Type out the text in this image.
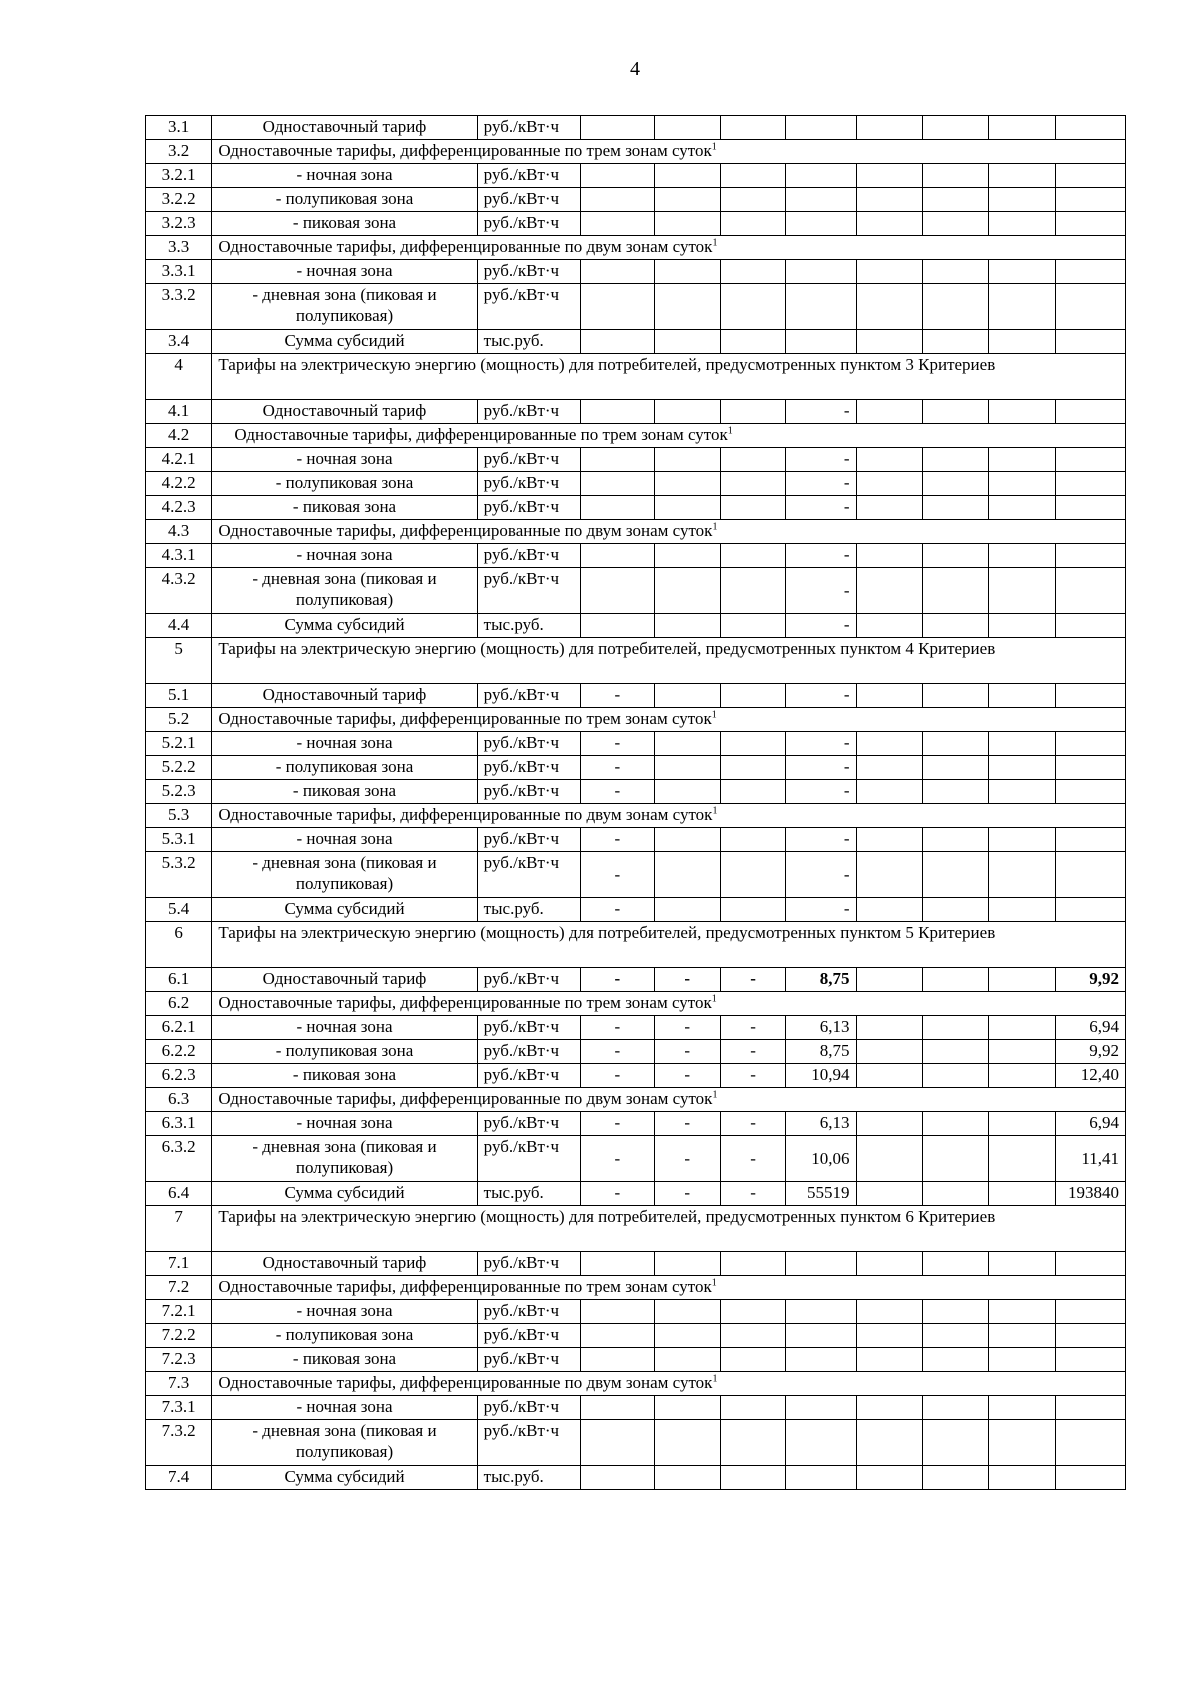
4
3.1	Одноставочный тариф	руб./кВт·ч								
3.2	Одноставочные тарифы, дифференцированные по трем зонам суток$^1$
3.2.1	- ночная зона	руб./кВт·ч								
3.2.2	- полупиковая зона	руб./кВт·ч								
3.2.3	- пиковая зона	руб./кВт·ч								
3.3	Одноставочные тарифы, дифференцированные по двум зонам суток$^1$
3.3.1	- ночная зона	руб./кВт·ч								
3.3.2	- дневная зона (пиковая и полупиковая)	руб./кВт·ч								
3.4	Сумма субсидий	тыс.руб.								
4	Тарифы на электрическую энергию (мощность) для потребителей, предусмотренных пунктом 3 Критериев									
4.1	Одноставочный тариф	руб./кВт·ч				-				
4.2	Одноставочные тарифы, дифференцированные по трем зонам суток$^1$
4.2.1	- ночная зона	руб./кВт·ч				-				
4.2.2	- полупиковая зона	руб./кВт·ч				-				
4.2.3	- пиковая зона	руб./кВт·ч				-				
4.3	Одноставочные тарифы, дифференцированные по двум зонам суток$^1$
4.3.1	- ночная зона	руб./кВт·ч				-				
4.3.2	- дневная зона (пиковая и полупиковая)	руб./кВт·ч				-				
4.4	Сумма субсидий	тыс.руб.				-				
5	Тарифы на электрическую энергию (мощность) для потребителей, предусмотренных пунктом 4 Критериев									
5.1	Одноставочный тариф	руб./кВт·ч	-			-				
5.2	Одноставочные тарифы, дифференцированные по трем зонам суток$^1$
5.2.1	- ночная зона	руб./кВт·ч	-			-				
5.2.2	- полупиковая зона	руб./кВт·ч	-			-				
5.2.3	- пиковая зона	руб./кВт·ч	-			-				
5.3	Одноставочные тарифы, дифференцированные по двум зонам суток$^1$
5.3.1	- ночная зона	руб./кВт·ч	-			-				
5.3.2	- дневная зона (пиковая и полупиковая)	руб./кВт·ч	-			-				
5.4	Сумма субсидий	тыс.руб.	-			-				
6	Тарифы на электрическую энергию (мощность) для потребителей, предусмотренных пунктом 5 Критериев									
6.1	Одноставочный тариф	руб./кВт·ч	-	-	-	8,75				9,92
6.2	Одноставочные тарифы, дифференцированные по трем зонам суток$^1$
6.2.1	- ночная зона	руб./кВт·ч	-	-	-	6,13				6,94
6.2.2	- полупиковая зона	руб./кВт·ч	-	-	-	8,75				9,92
6.2.3	- пиковая зона	руб./кВт·ч	-	-	-	10,94				12,40
6.3	Одноставочные тарифы, дифференцированные по двум зонам суток$^1$
6.3.1	- ночная зона	руб./кВт·ч	-	-	-	6,13				6,94
6.3.2	- дневная зона (пиковая и полупиковая)	руб./кВт·ч	-	-	-	10,06				11,41
6.4	Сумма субсидий	тыс.руб.	-	-	-	55519				193840
7	Тарифы на электрическую энергию (мощность) для потребителей, предусмотренных пунктом 6 Критериев									
7.1	Одноставочный тариф	руб./кВт·ч								
7.2	Одноставочные тарифы, дифференцированные по трем зонам суток$^1$
7.2.1	- ночная зона	руб./кВт·ч								
7.2.2	- полупиковая зона	руб./кВт·ч								
7.2.3	- пиковая зона	руб./кВт·ч								
7.3	Одноставочные тарифы, дифференцированные по двум зонам суток$^1$
7.3.1	- ночная зона	руб./кВт·ч								
7.3.2	- дневная зона (пиковая и полупиковая)	руб./кВт·ч								
7.4	Сумма субсидий	тыс.руб.								
